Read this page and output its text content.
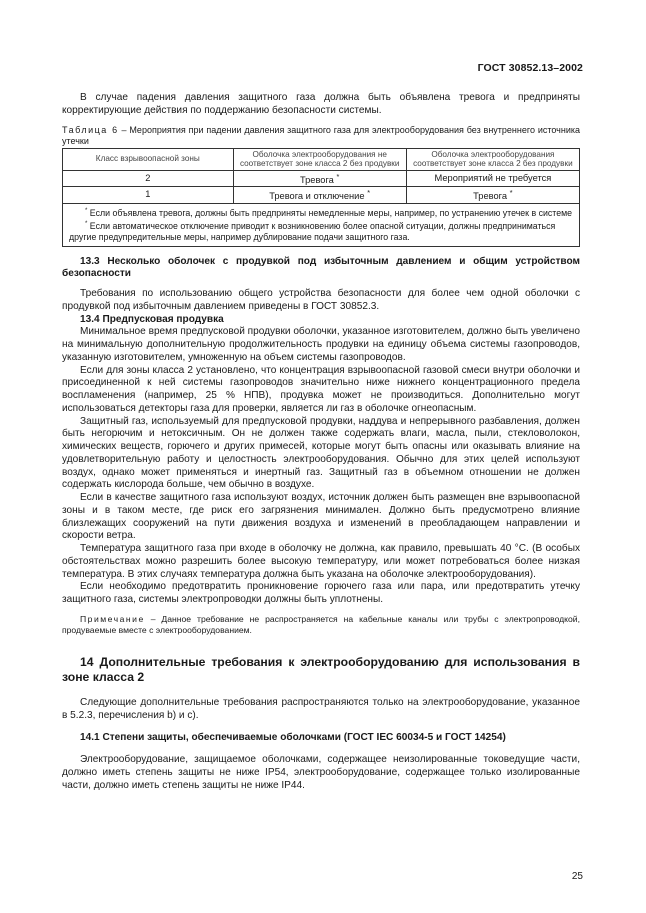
ГОСТ 30852.13–2002

В случае падения давления защитного газа должна быть объявлена тревога и предприняты корректирующие действия по поддержанию безопасности системы.

Таблица 6 – Мероприятия при падении давления защитного газа для электрооборудования без внутреннего источника утечки

Класс взрывоопасной зоны	Оболочка электрооборудования не соответствует зоне класса 2 без продувки	Оболочка электрооборудования соответствует зоне класса 2 без продувки
2	Тревога *	Мероприятий не требуется
1	Тревога и отключение *	Тревога *

* Если объявлена тревога, должны быть предприняты немедленные меры, например, по устранению утечек в системе
* Если автоматическое отключение приводит к возникновению более опасной ситуации, должны предприниматься другие предупредительные меры, например дублирование подачи защитного газа.		

13.3 Несколько оболочек с продувкой под избыточным давлением и общим устройством безопасности

Требования по использованию общего устройства безопасности для более чем одной оболочки с продувкой под избыточным давлением приведены в ГОСТ 30852.3.

13.4 Предпусковая продувка

Минимальное время предпусковой продувки оболочки, указанное изготовителем, должно быть увеличено на минимальную дополнительную продолжительность продувки на единицу объема системы газопроводов, указанную изготовителем, умноженную на объем системы газопроводов.

Если для зоны класса 2 установлено, что концентрация взрывоопасной газовой смеси внутри оболочки и присоединенной к ней системы газопроводов значительно ниже нижнего концентрационного предела воспламенения (например, 25 % НПВ), продувка может не производиться. Дополнительно могут использоваться детекторы газа для проверки, является ли газ в оболочке огнеопасным.

Защитный газ, используемый для предпусковой продувки, наддува и непрерывного разбавления, должен быть негорючим и нетоксичным. Он не должен также содержать влаги, масла, пыли, стекловолокон, химических веществ, горючего и других примесей, которые могут быть опасны или оказывать влияние на удовлетворительную работу и целостность электрооборудования. Обычно для этих целей используют воздух, однако может применяться и инертный газ. Защитный газ в объемном отношении не должен содержать кислорода больше, чем обычно в воздухе.

Если в качестве защитного газа используют воздух, источник должен быть размещен вне взрывоопасной зоны и в таком месте, где риск его загрязнения минимален. Должно быть предусмотрено влияние близлежащих сооружений на пути движения воздуха и изменений в преобладающем направлении и скорости ветра.

Температура защитного газа при входе в оболочку не должна, как правило, превышать 40 °С. (В особых обстоятельствах можно разрешить более высокую температуру, или может потребоваться более низкая температура. В этих случаях температура должна быть указана на оболочке электрооборудования).

Если необходимо предотвратить проникновение горючего газа или пара, или предотвратить утечку защитного газа, системы электропроводки должны быть уплотнены.

Примечание – Данное требование не распространяется на кабельные каналы или трубы с электропроводкой, продуваемые вместе с электрооборудованием.

14 Дополнительные требования к электрооборудованию для использования в зоне класса 2

Следующие дополнительные требования распространяются только на электрооборудование, указанное в 5.2.3, перечисления b) и с).

14.1 Степени защиты, обеспечиваемые оболочками (ГОСТ IEC 60034-5 и ГОСТ 14254)

Электрооборудование, защищаемое оболочками, содержащее неизолированные токоведущие части, должно иметь степень защиты не ниже IP54, электрооборудование, содержащее только изолированные части, должно иметь степень защиты не ниже IP44.

25
